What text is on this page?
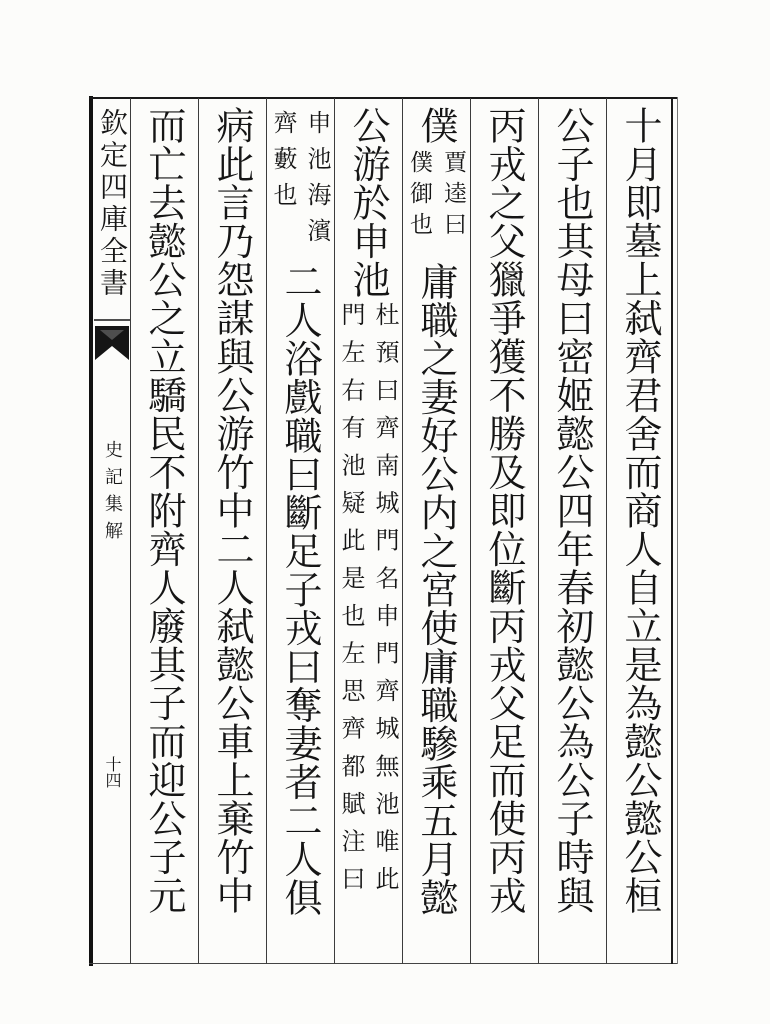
欽定四庫全書
史記集解
十四	十月即墓上弑齊君舍而商人自立是為懿公懿公桓
公子也其母曰密姬懿公四年春初懿公為公子時與
丙戎之父獵爭獲不勝及即位斷丙戎父足而使丙戎
僕
賈逵曰
僕御也
庸職之妻好公内之宮使庸職驂乘五月懿
公游於申池
杜預曰齊南城門名申門齊城無池唯此
門左右有池疑此是也左思齊都賦注曰
申池海濱
齊藪也
二人浴戲職曰斷足子戎曰奪妻者二人俱
病此言乃怨謀與公游竹中二人弑懿公車上棄竹中
而亡去懿公之立驕民不附齊人廢其子而迎公子元
